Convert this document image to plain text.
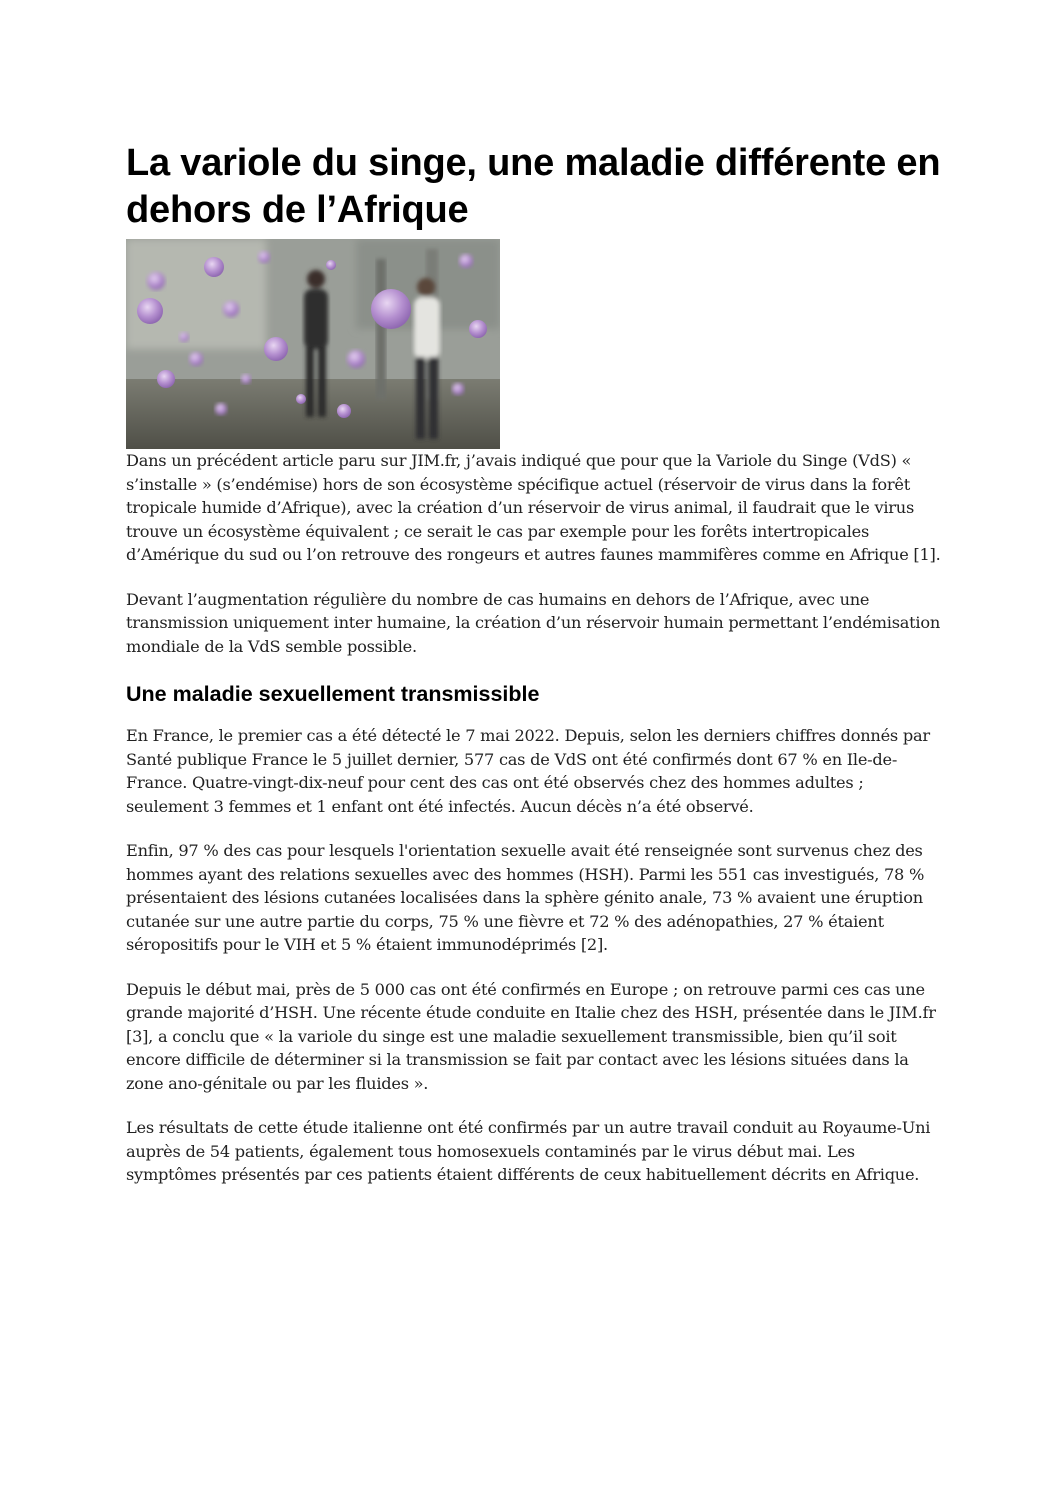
La variole du singe, une maladie différente en dehors de l’Afrique

Dans un précédent article paru sur JIM.fr, j’avais indiqué que pour que la Variole du Singe (VdS) « s’installe » (s’endémise) hors de son écosystème spécifique actuel (réservoir de virus dans la forêt tropicale humide d’Afrique), avec la création d’un réservoir de virus animal, il faudrait que le virus trouve un écosystème équivalent ; ce serait le cas par exemple pour les forêts intertropicales d’Amérique du sud ou l’on retrouve des rongeurs et autres faunes mammifères comme en Afrique [1].

Devant l’augmentation régulière du nombre de cas humains en dehors de l’Afrique, avec une transmission uniquement inter humaine, la création d’un réservoir humain permettant l’endémisation mondiale de la VdS semble possible.

Une maladie sexuellement transmissible

En France, le premier cas a été détecté le 7 mai 2022. Depuis, selon les derniers chiffres donnés par Santé publique France le 5 juillet dernier, 577 cas de VdS ont été confirmés dont 67 % en Ile-de-France. Quatre-vingt-dix-neuf pour cent des cas ont été observés chez des hommes adultes ; seulement 3 femmes et 1 enfant ont été infectés. Aucun décès n’a été observé.

Enfin, 97 % des cas pour lesquels l'orientation sexuelle avait été renseignée sont survenus chez des hommes ayant des relations sexuelles avec des hommes (HSH). Parmi les 551 cas investigués, 78 % présentaient des lésions cutanées localisées dans la sphère génito anale, 73 % avaient une éruption cutanée sur une autre partie du corps, 75 % une fièvre et 72 % des adénopathies, 27 % étaient séropositifs pour le VIH et 5 % étaient immunodéprimés [2].

Depuis le début mai, près de 5 000 cas ont été confirmés en Europe ; on retrouve parmi ces cas une grande majorité d’HSH. Une récente étude conduite en Italie chez des HSH, présentée dans le JIM.fr [3], a conclu que « la variole du singe est une maladie sexuellement transmissible, bien qu’il soit encore difficile de déterminer si la transmission se fait par contact avec les lésions situées dans la zone ano-génitale ou par les fluides ».

Les résultats de cette étude italienne ont été confirmés par un autre travail conduit au Royaume-Uni auprès de 54 patients, également tous homosexuels contaminés par le virus début mai. Les symptômes présentés par ces patients étaient différents de ceux habituellement décrits en Afrique.
